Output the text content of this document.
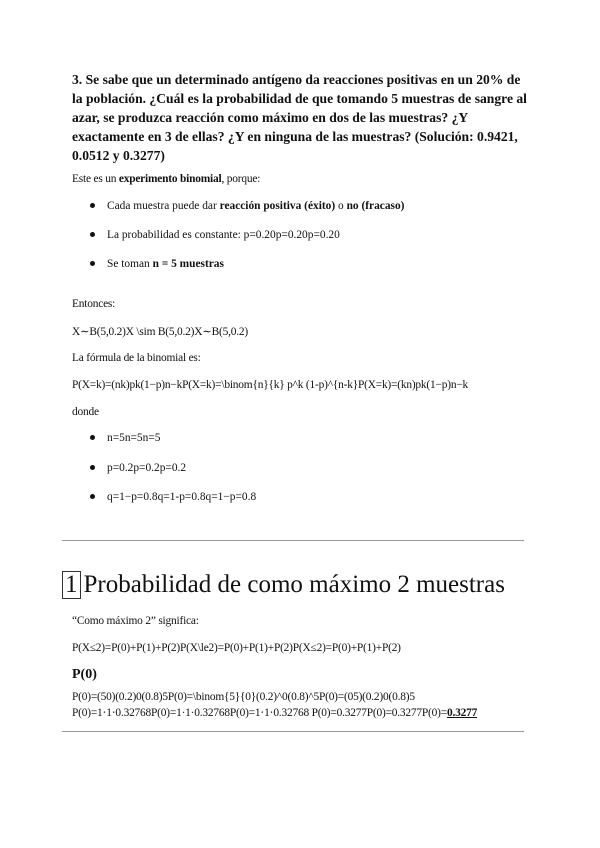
3. Se sabe que un determinado antígeno da reacciones positivas en un 20% de la población. ¿Cuál es la probabilidad de que tomando 5 muestras de sangre al azar, se produzca reacción como máximo en dos de las muestras? ¿Y exactamente en 3 de ellas? ¿Y en ninguna de las muestras? (Solución: 0.9421, 0.0512 y 0.3277)
Este es un experimento binomial, porque:
Cada muestra puede dar reacción positiva (éxito) o no (fracaso)
La probabilidad es constante: p=0.20p=0.20p=0.20
Se toman n = 5 muestras
Entonces:
X∼B(5,0.2)X \sim B(5,0.2)X∼B(5,0.2)
La fórmula de la binomial es:
P(X=k)=(nk)pk(1−p)n−kP(X=k)=\binom{n}{k} p^k (1-p)^{n-k}P(X=k)=(kn)pk(1−p)n−k
donde
n=5n=5n=5
p=0.2p=0.2p=0.2
q=1−p=0.8q=1-p=0.8q=1−p=0.8
1 Probabilidad de como máximo 2 muestras
“Como máximo 2” significa:
P(X≤2)=P(0)+P(1)+P(2)P(X\le2)=P(0)+P(1)+P(2)P(X≤2)=P(0)+P(1)+P(2)
P(0)
P(0)=(50)(0.2)0(0.8)5P(0)=\binom{5}{0}(0.2)^0(0.8)^5P(0)=(05)(0.2)0(0.8)5
P(0)=1⋅1⋅0.32768P(0)=1·1·0.32768P(0)=1⋅1⋅0.32768 P(0)=0.3277P(0)=0.3277P(0)=0.3277
